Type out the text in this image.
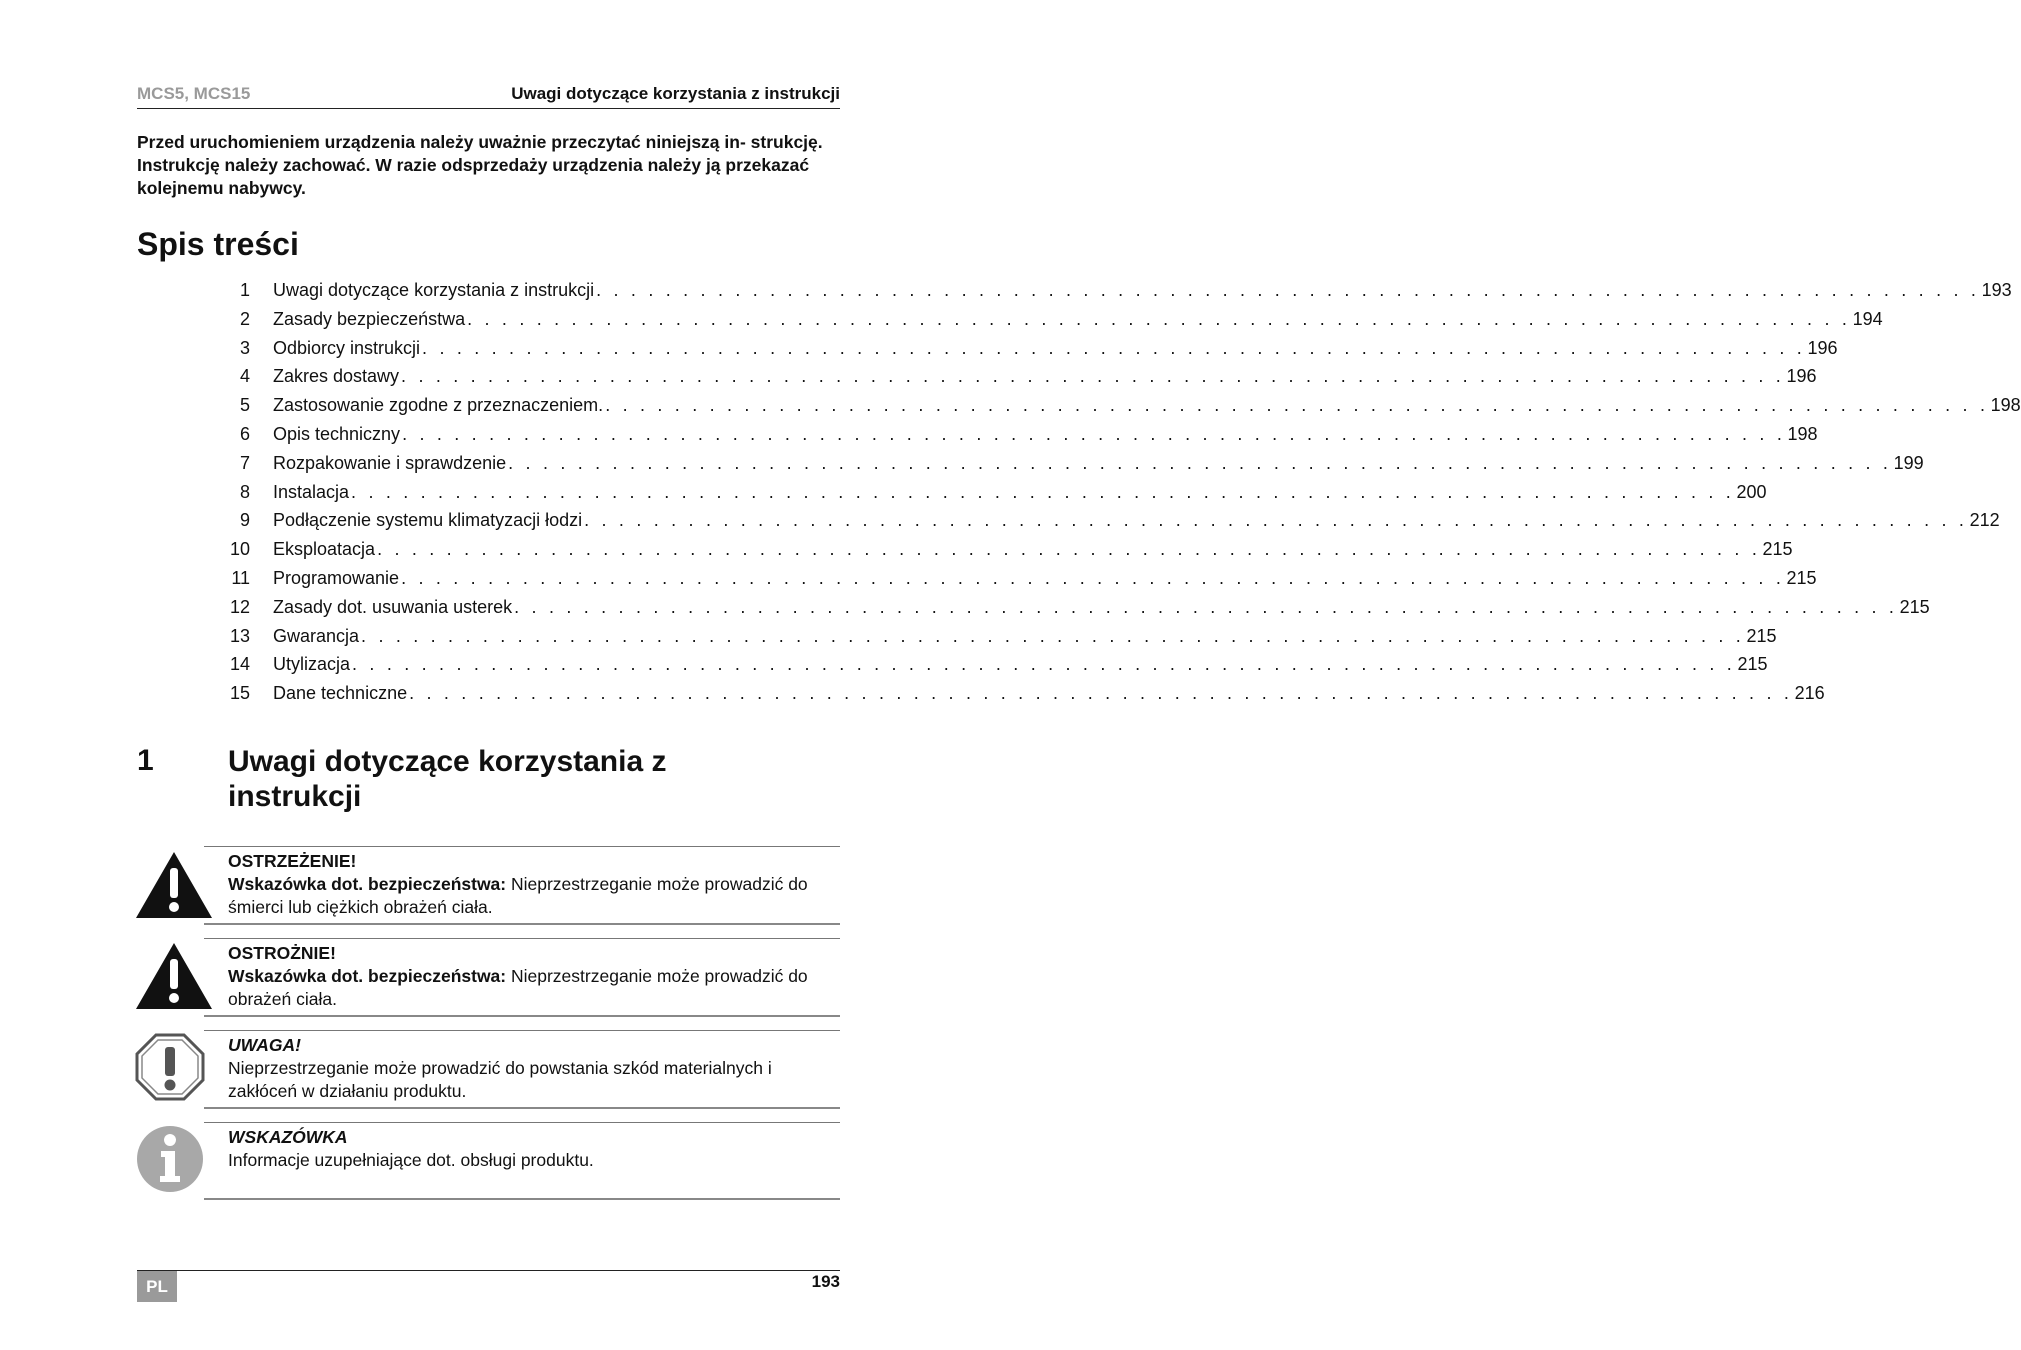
MCS5, MCS15	Uwagi dotyczące korzystania z instrukcji
Przed uruchomieniem urządzenia należy uważnie przeczytać niniejszą in- strukcję. Instrukcję należy zachować. W razie odsprzedaży urządzenia należy ją przekazać kolejnemu nabywcy.
Spis treści
1	Uwagi dotyczące korzystania z instrukcji . . . . . . . . . . . . . . . . . . . . . . . . . . . . . . . . . . . . . . . . . . . . . . . . . . . . . . . . . . . . . . . . . . . . . . . . . . . . . . . . 193
2	Zasady bezpieczeństwa . . . . . . . . . . . . . . . . . . . . . . . . . . . . . . . . . . . . . . . . . . . . . . . . . . . . . . . . . . . . . . . . . . . . . . . . . . . . . . . . 194
3	Odbiorcy instrukcji . . . . . . . . . . . . . . . . . . . . . . . . . . . . . . . . . . . . . . . . . . . . . . . . . . . . . . . . . . . . . . . . . . . . . . . . . . . . . . . . 196
4	Zakres dostawy . . . . . . . . . . . . . . . . . . . . . . . . . . . . . . . . . . . . . . . . . . . . . . . . . . . . . . . . . . . . . . . . . . . . . . . . . . . . . . . . 196
5	Zastosowanie zgodne z przeznaczeniem. . . . . . . . . . . . . . . . . . . . . . . . . . . . . . . . . . . . . . . . . . . . . . . . . . . . . . . . . . . . . . . . . . . . . . . . . . . . . . . . . 198
6	Opis techniczny . . . . . . . . . . . . . . . . . . . . . . . . . . . . . . . . . . . . . . . . . . . . . . . . . . . . . . . . . . . . . . . . . . . . . . . . . . . . . . . . 198
7	Rozpakowanie i sprawdzenie . . . . . . . . . . . . . . . . . . . . . . . . . . . . . . . . . . . . . . . . . . . . . . . . . . . . . . . . . . . . . . . . . . . . . . . . . . . . . . . . 199
8	Instalacja . . . . . . . . . . . . . . . . . . . . . . . . . . . . . . . . . . . . . . . . . . . . . . . . . . . . . . . . . . . . . . . . . . . . . . . . . . . . . . . . 200
9	Podłączenie systemu klimatyzacji łodzi . . . . . . . . . . . . . . . . . . . . . . . . . . . . . . . . . . . . . . . . . . . . . . . . . . . . . . . . . . . . . . . . . . . . . . . . . . . . . . . . 212
10	Eksploatacja . . . . . . . . . . . . . . . . . . . . . . . . . . . . . . . . . . . . . . . . . . . . . . . . . . . . . . . . . . . . . . . . . . . . . . . . . . . . . . . . 215
11	Programowanie . . . . . . . . . . . . . . . . . . . . . . . . . . . . . . . . . . . . . . . . . . . . . . . . . . . . . . . . . . . . . . . . . . . . . . . . . . . . . . . . 215
12	Zasady dot. usuwania usterek . . . . . . . . . . . . . . . . . . . . . . . . . . . . . . . . . . . . . . . . . . . . . . . . . . . . . . . . . . . . . . . . . . . . . . . . . . . . . . . . 215
13	Gwarancja . . . . . . . . . . . . . . . . . . . . . . . . . . . . . . . . . . . . . . . . . . . . . . . . . . . . . . . . . . . . . . . . . . . . . . . . . . . . . . . . 215
14	Utylizacja . . . . . . . . . . . . . . . . . . . . . . . . . . . . . . . . . . . . . . . . . . . . . . . . . . . . . . . . . . . . . . . . . . . . . . . . . . . . . . . . 215
15	Dane techniczne . . . . . . . . . . . . . . . . . . . . . . . . . . . . . . . . . . . . . . . . . . . . . . . . . . . . . . . . . . . . . . . . . . . . . . . . . . . . . . . . 216
1 Uwagi dotyczące korzystania z instrukcji
OSTRZEŻENIE!
Wskazówka dot. bezpieczeństwa: Nieprzestrzeganie może prowadzić do śmierci lub ciężkich obrażeń ciała.
OSTROŻNIE!
Wskazówka dot. bezpieczeństwa: Nieprzestrzeganie może prowadzić do obrażeń ciała.
UWAGA!
Nieprzestrzeganie może prowadzić do powstania szkód materialnych i zakłóceń w działaniu produktu.
WSKAZÓWKA
Informacje uzupełniające dot. obsługi produktu.
PL	193
